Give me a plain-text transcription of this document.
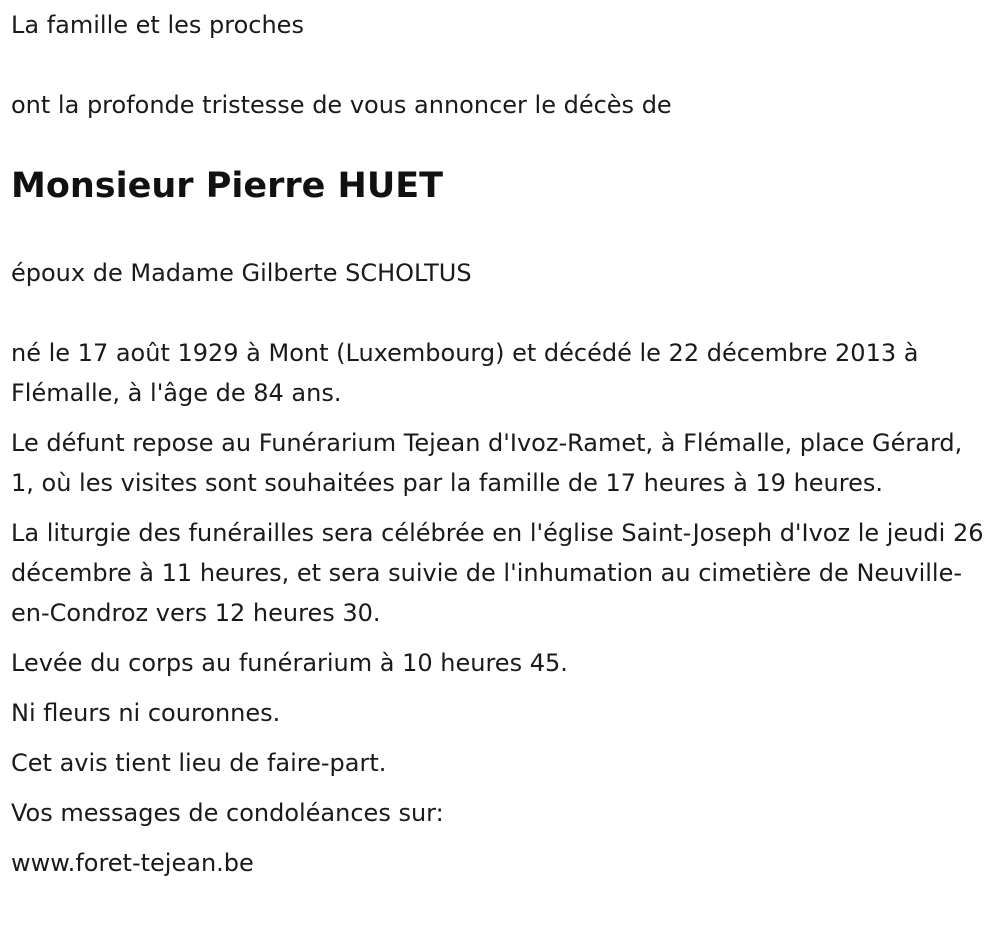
La famille et les proches

ont la profonde tristesse de vous annoncer le décès de

Monsieur Pierre HUET

époux de Madame Gilberte SCHOLTUS

né le 17 août 1929 à Mont (Luxembourg) et décédé le 22 décembre 2013 à Flémalle, à l'âge de 84 ans.

Le défunt repose au Funérarium Tejean d'Ivoz-Ramet, à Flémalle, place Gérard, 1, où les visites sont souhaitées par la famille de 17 heures à 19 heures.

La liturgie des funérailles sera célébrée en l'église Saint-Joseph d'Ivoz le jeudi 26 décembre à 11 heures, et sera suivie de l'inhumation au cimetière de Neuville-en-Condroz vers 12 heures 30.

Levée du corps au funérarium à 10 heures 45.

Ni fleurs ni couronnes.

Cet avis tient lieu de faire-part.

Vos messages de condoléances sur:

www.foret-tejean.be
